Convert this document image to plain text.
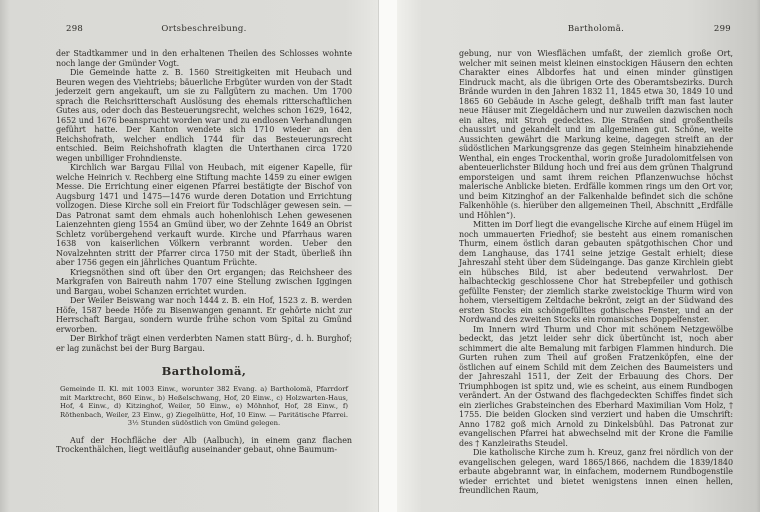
298	Ortsbeschreibung.

der Stadtkammer und in den erhaltenen Theilen des Schlosses wohnte noch lange der Gmünder Vogt.

Die Gemeinde hatte z. B. 1560 Streitigkeiten mit Heubach und Beuren wegen des Viehtriebs; bäuerliche Erbgüter wurden von der Stadt jederzeit gern angekauft, um sie zu Fallgütern zu machen. Um 1700 sprach die Reichsritterschaft Auslösung des ehemals ritterschaftlichen Gutes aus, oder doch das Besteuerungsrecht, welches schon 1629, 1642, 1652 und 1676 beansprucht worden war und zu endlosen Verhandlungen geführt hatte. Der Kanton wendete sich 1710 wieder an den Reichshofrath, welcher endlich 1744 für das Besteuerungsrecht entschied. Beim Reichshofrath klagten die Unterthanen circa 1720 wegen unbilliger Frohndienste.

Kirchlich war Bargau Filial von Heubach, mit eigener Kapelle, für welche Heinrich v. Rechberg eine Stiftung machte 1459 zu einer ewigen Messe. Die Errichtung einer eigenen Pfarrei bestätigte der Bischof von Augsburg 1471 und 1475—1476 wurde deren Dotation und Errichtung vollzogen. Diese Kirche soll ein Freiort für Todschläger gewesen sein. — Das Patronat samt dem ehmals auch hohenlohisch Lehen gewesenen Laienzehnten gieng 1554 an Gmünd über, wo der Zehnte 1649 an Obrist Schletz vorübergehend verkauft wurde. Kirche und Pfarrhaus waren 1638 von kaiserlichen Völkern verbrannt worden. Ueber den Novalzehnten stritt der Pfarrer circa 1750 mit der Stadt, überließ ihn aber 1756 gegen ein jährliches Quantum Früchte.

Kriegsnöthen sind oft über den Ort ergangen; das Reichsheer des Markgrafen von Baireuth nahm 1707 eine Stellung zwischen Iggingen und Bargau, wobei Schanzen errichtet wurden.

Der Weiler Beiswang war noch 1444 z. B. ein Hof, 1523 z. B. werden Höfe, 1587 beede Höfe zu Bisenwangen genannt. Er gehörte nicht zur Herrschaft Bargau, sondern wurde frühe schon vom Spital zu Gmünd erworben.

Der Birkhof trägt einen verderbten Namen statt Bürg-, d. h. Burghof; er lag zunächst bei der Burg Bargau.

Bartholomä,

Gemeinde II. Kl. mit 1003 Einw., worunter 382 Evang. a) Bartholomä, Pfarrdorf mit Marktrecht, 860 Einw., b) Heßelschwang, Hof, 20 Einw., c) Holzwarten-Haus, Hof, 4 Einw., d) Kitzinghof, Weiler, 50 Einw., e) Möhnhof, Hof, 28 Einw., f) Röthenbach, Weiler, 23 Einw., g) Ziegelhütte, Hof, 10 Einw. — Paritätische Pfarrei. 3½ Stunden südöstlich von Gmünd gelegen.

Auf der Hochfläche der Alb (Aalbuch), in einem ganz flachen Trockenthälchen, liegt weitläufig auseinander gebaut, ohne Baumum-

Bartholomä.	299

gebung, nur von Wiesflächen umfaßt, der ziemlich große Ort, welcher mit seinen meist kleinen einstockigen Häusern den echten Charakter eines Albdorfes hat und einen minder günstigen Eindruck macht, als die übrigen Orte des Oberamtsbezirks. Durch Brände wurden in den Jahren 1832 11, 1845 etwa 30, 1849 10 und 1865 60 Gebäude in Asche gelegt, deßhalb trifft man fast lauter neue Häuser mit Ziegeldächern und nur zuweilen dazwischen noch ein altes, mit Stroh gedecktes. Die Straßen sind großentheils chaussirt und gekandelt und im allgemeinen gut. Schöne, weite Aussichten gewährt die Markung keine, dagegen streift an der südöstlichen Markungsgrenze das gegen Steinheim hinabziehende Wenthal, ein enges Trockenthal, worin große Juradolomitfelsen von abenteuerlichster Bildung hoch und frei aus dem grünen Thalgrund emporsteigen und samt ihrem reichen Pflanzenwuchse höchst malerische Anblicke bieten. Erdfälle kommen rings um den Ort vor, und beim Kitzinghof an der Falkenhalde befindet sich die schöne Falkenhöhle (s. hierüber den allgemeinen Theil, Abschnitt „Erdfälle und Höhlen“).

Mitten im Dorf liegt die evangelische Kirche auf einem Hügel im noch ummauerten Friedhof; sie besteht aus einem romanischen Thurm, einem östlich daran gebauten spätgothischen Chor und dem Langhause, das 1741 seine jetzige Gestalt erhielt; diese Jahreszahl steht über dem Südeingange. Das ganze Kirchlein giebt ein hübsches Bild, ist aber bedeutend verwahrlost. Der halbachteckig geschlossene Chor hat Strebepfeiler und gothisch gefüllte Fenster; der ziemlich starke zweistockige Thurm wird von hohem, vierseitigem Zeltdache bekrönt, zeigt an der Südwand des ersten Stocks ein schöngefülltes gothisches Fenster, und an der Nordwand des zweiten Stocks ein romanisches Doppelfenster.

Im Innern wird Thurm und Chor mit schönem Netzgewölbe bedeckt, das jetzt leider sehr dick übertüncht ist, noch aber schimmert die alte Bemalung mit farbigen Flammen hindurch. Die Gurten ruhen zum Theil auf großen Fratzenköpfen, eine der östlichen auf einem Schild mit dem Zeichen des Baumeisters und der Jahreszahl 1511, der Zeit der Erbauung des Chors. Der Triumphbogen ist spitz und, wie es scheint, aus einem Rundbogen verändert. An der Ostwand des flachgedeckten Schiffes findet sich ein zierliches Grabsteinchen des Eberhard Maximilian Vom Holz, † 1755. Die beiden Glocken sind verziert und haben die Umschrift: Anno 1782 goß mich Arnold zu Dinkelsbühl. Das Patronat zur evangelischen Pfarrei hat abwechselnd mit der Krone die Familie des † Kanzleiraths Steudel.

Die katholische Kirche zum h. Kreuz, ganz frei nördlich von der evangelischen gelegen, ward 1865/1866, nachdem die 1839/1840 erbaute abgebrannt war, in einfachem, modernem Rundbogenstile wieder errichtet und bietet wenigstens innen einen hellen, freundlichen Raum,
